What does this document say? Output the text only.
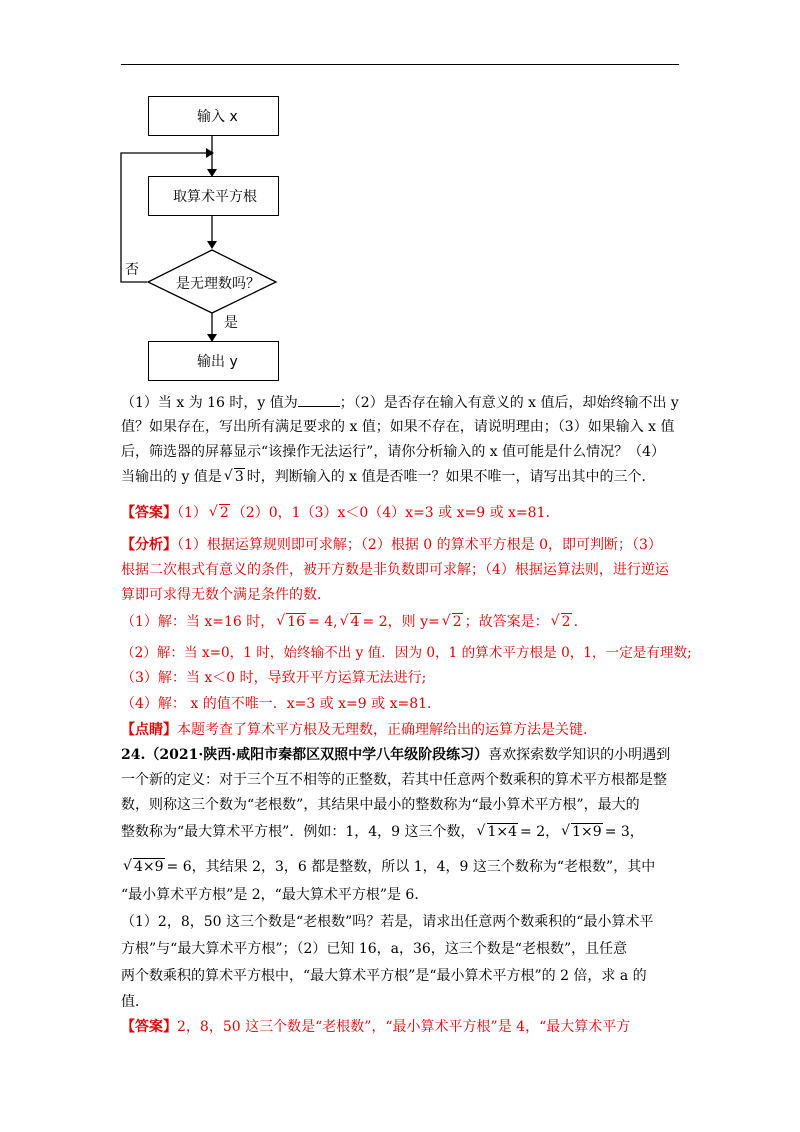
输入 x
取算术平方根
是无理数吗？
否
是
输出 y
（1）当 x 为 16 时，y 值为	；（2）是否存在输入有意义的 x 值后，却始终输不出 y
值？如果存在，写出所有满足要求的 x 值；如果不存在，请说明理由；（3）如果输入 x 值
后，筛选器的屏幕显示“该操作无法运行”，请你分析输入的 x 值可能是什么情况？（4）
当输出的 y 值是 √ 3 时，判断输入的 x 值是否唯一？如果不唯一，请写出其中的三个．
【答案】（1） √ 2 （2）0，1（3）x＜0（4）x=3 或 x=9 或 x=81.
【分析】（1）根据运算规则即可求解；（2）根据 0 的算术平方根是 0，即可判断；（3）
根据二次根式有意义的条件，被开方数是非负数即可求解；（4）根据运算法则，进行逆运
算即可求得无数个满足条件的数.
（1）解：当 x=16 时， √ 16 = 4, √ 4 = 2，则 y= √ 2 ；故答案是： √ 2 .
（2）解：当 x=0，1 时，始终输不出 y 值．因为 0，1 的算术平方根是 0，1，一定是有理数;
（3）解：当 x＜0 时，导致开平方运算无法进行;
（4）解： x 的值不唯一．x=3 或 x=9 或 x=81.
【点睛】本题考查了算术平方根及无理数，正确理解给出的运算方法是关键.
24.（2021·陕西·咸阳市秦都区双照中学八年级阶段练习）喜欢探索数学知识的小明遇到
一个新的定义：对于三个互不相等的正整数，若其中任意两个数乘积的算术平方根都是整
数，则称这三个数为“老根数”，其结果中最小的整数称为“最小算术平方根”，最大的
整数称为“最大算术平方根”．例如：1，4，9 这三个数， √ 1×4 = 2， √ 1×9 = 3，
√ 4×9 = 6，其结果 2，3，6 都是整数，所以 1，4，9 这三个数称为“老根数”，其中
“最小算术平方根”是 2，“最大算术平方根”是 6．
（1）2，8，50 这三个数是“老根数”吗？若是，请求出任意两个数乘积的“最小算术平
方根”与“最大算术平方根”；（2）已知 16，a，36，这三个数是“老根数”，且任意
两个数乘积的算术平方根中，“最大算术平方根”是“最小算术平方根”的 2 倍，求 a 的
值．
【答案】2，8，50 这三个数是“老根数”，“最小算术平方根”是 4，“最大算术平方
